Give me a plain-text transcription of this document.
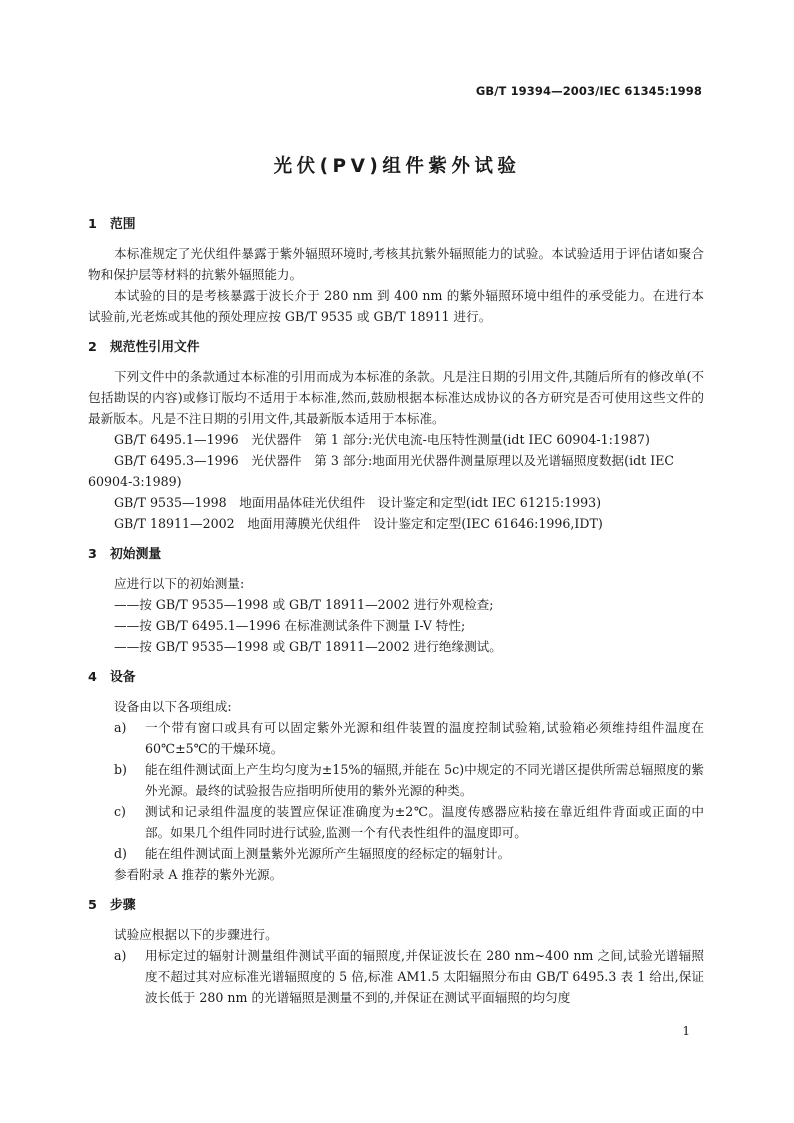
GB/T 19394—2003/IEC 61345:1998
光伏(PV)组件紫外试验
1 范围

本标准规定了光伏组件暴露于紫外辐照环境时,考核其抗紫外辐照能力的试验。本试验适用于评估诸如聚合物和保护层等材料的抗紫外辐照能力。

本试验的目的是考核暴露于波长介于 280 nm 到 400 nm 的紫外辐照环境中组件的承受能力。在进行本试验前,光老炼或其他的预处理应按 GB/T 9535 或 GB/T 18911 进行。

2 规范性引用文件

下列文件中的条款通过本标准的引用而成为本标准的条款。凡是注日期的引用文件,其随后所有的修改单(不包括勘误的内容)或修订版均不适用于本标准,然而,鼓励根据本标准达成协议的各方研究是否可使用这些文件的最新版本。凡是不注日期的引用文件,其最新版本适用于本标准。

GB/T 6495.1—1996　光伏器件　第 1 部分:光伏电流-电压特性测量(idt IEC 60904-1:1987)

GB/T 6495.3—1996　光伏器件　第 3 部分:地面用光伏器件测量原理以及光谱辐照度数据(idt IEC 60904-3:1989)

GB/T 9535—1998　地面用晶体硅光伏组件　设计鉴定和定型(idt IEC 61215:1993)

GB/T 18911—2002　地面用薄膜光伏组件　设计鉴定和定型(IEC 61646:1996,IDT)

3 初始测量

应进行以下的初始测量:

——按 GB/T 9535—1998 或 GB/T 18911—2002 进行外观检查;

——按 GB/T 6495.1—1996 在标准测试条件下测量 I-V 特性;

——按 GB/T 9535—1998 或 GB/T 18911—2002 进行绝缘测试。

4 设备

设备由以下各项组成:

a)	一个带有窗口或具有可以固定紫外光源和组件装置的温度控制试验箱,试验箱必须维持组件温度在 60℃±5℃的干燥环境。
b)	能在组件测试面上产生均匀度为±15%的辐照,并能在 5c)中规定的不同光谱区提供所需总辐照度的紫外光源。最终的试验报告应指明所使用的紫外光源的种类。
c)	测试和记录组件温度的装置应保证准确度为±2℃。温度传感器应粘接在靠近组件背面或正面的中部。如果几个组件同时进行试验,监测一个有代表性组件的温度即可。
d)	能在组件测试面上测量紫外光源所产生辐照度的经标定的辐射计。

参看附录 A 推荐的紫外光源。

5 步骤

试验应根据以下的步骤进行。

a)	用标定过的辐射计测量组件测试平面的辐照度,并保证波长在 280 nm~400 nm 之间,试验光谱辐照度不超过其对应标准光谱辐照度的 5 倍,标准 AM1.5 太阳辐照分布由 GB/T 6495.3 表 1 给出,保证波长低于 280 nm 的光谱辐照是测量不到的,并保证在测试平面辐照的均匀度
1
